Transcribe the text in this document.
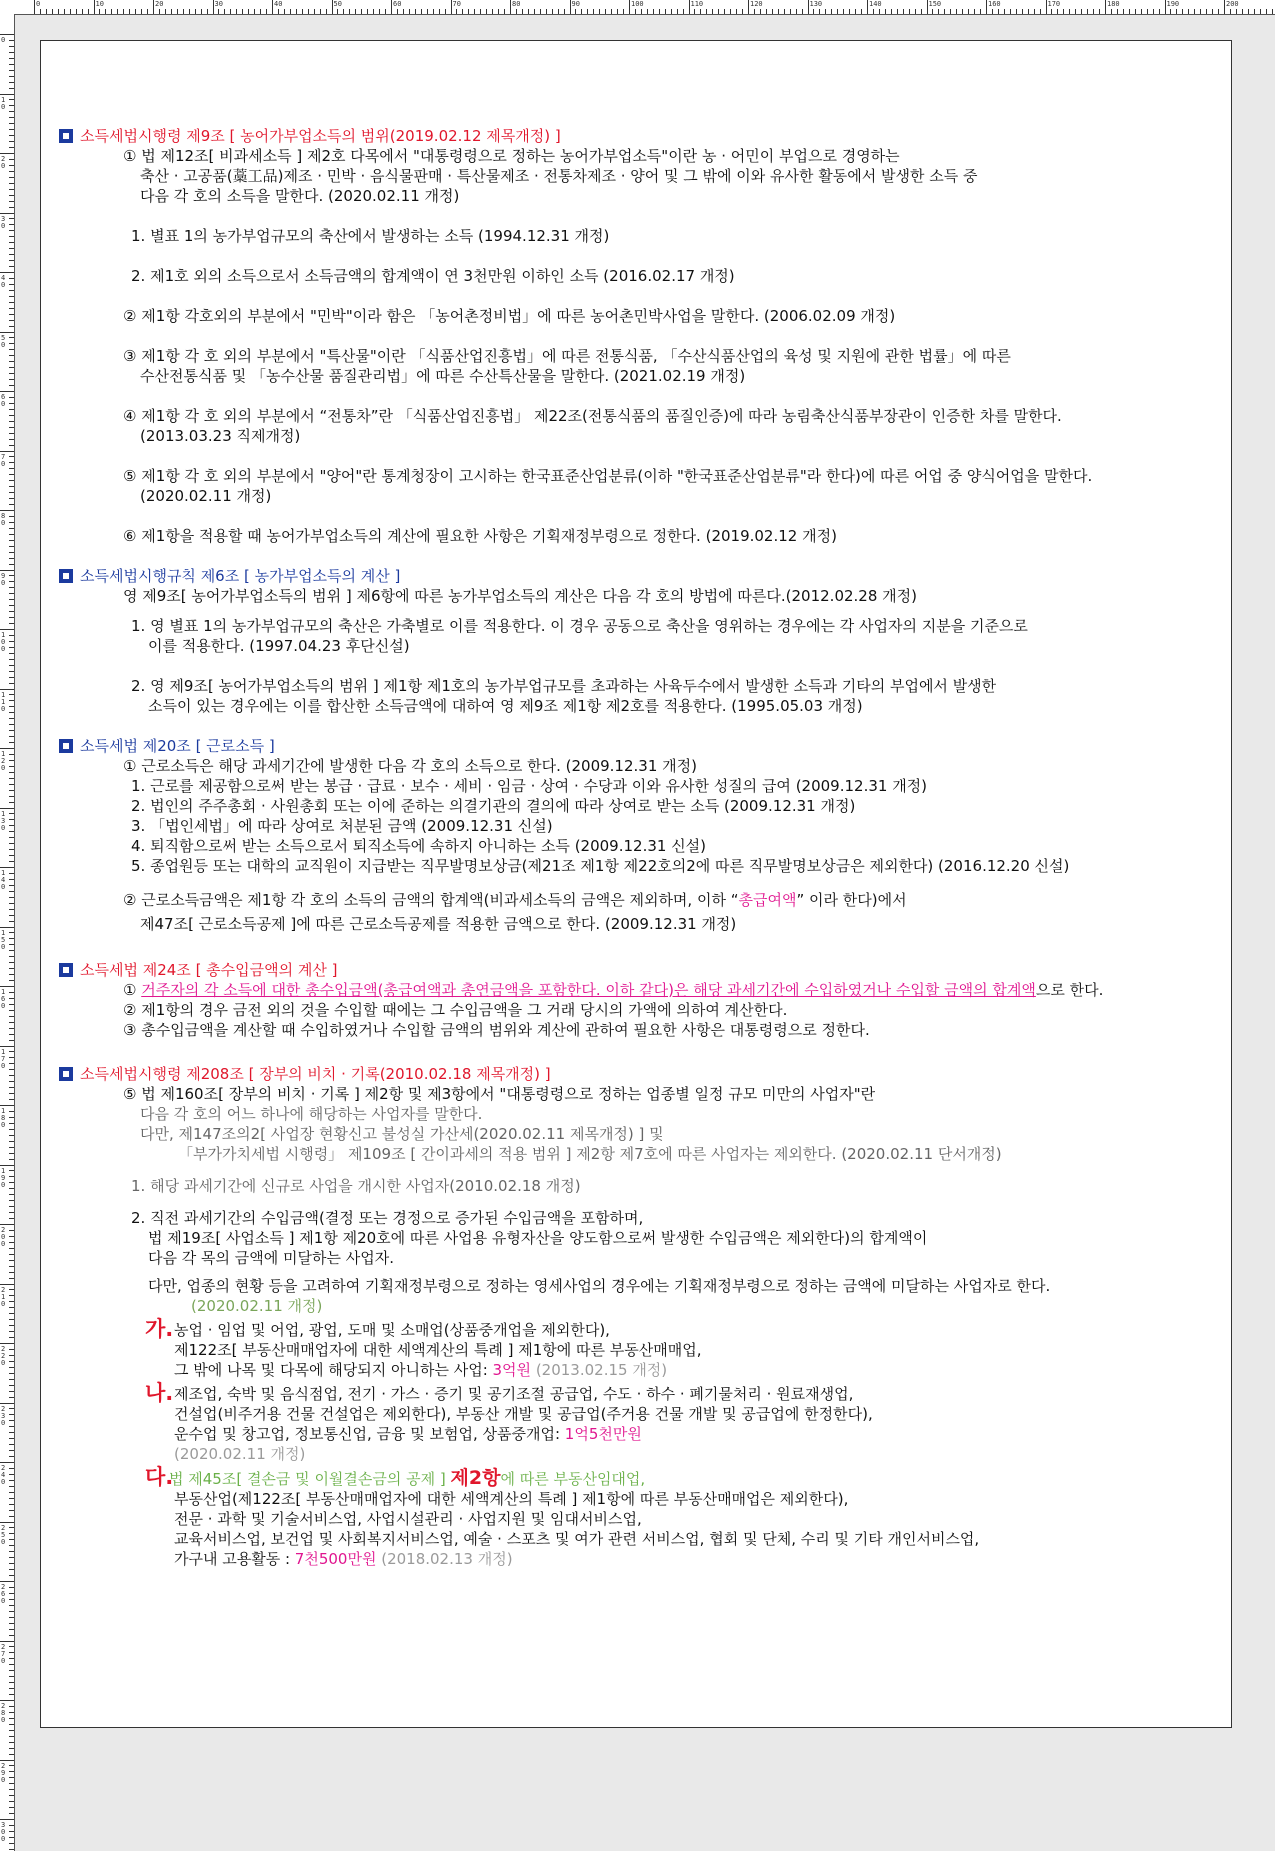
0	10	20	30	40	50	60	70	80	90	100	110	120	130	140	150	160	170	180	190	200
0
10
20
30
40
50
60
70
80
90
100
110
120
130
140
150
160
170
180
190
200
210
220
230
240
250
260
270
280
290
300
소득세법시행령 제9조 [ 농어가부업소득의 범위(2019.02.12 제목개정) ]
① 법 제12조[ 비과세소득 ] 제2호 다목에서 "대통령령으로 정하는 농어가부업소득"이란 농 · 어민이 부업으로 경영하는
축산 · 고공품(藁工品)제조 · 민박 · 음식물판매 · 특산물제조 · 전통차제조 · 양어 및 그 밖에 이와 유사한 활동에서 발생한 소득 중
다음 각 호의 소득을 말한다. (2020.02.11 개정)
1. 별표 1의 농가부업규모의 축산에서 발생하는 소득 (1994.12.31 개정)
2. 제1호 외의 소득으로서 소득금액의 합계액이 연 3천만원 이하인 소득 (2016.02.17 개정)
② 제1항 각호외의 부분에서 "민박"이라 함은 「농어촌정비법」에 따른 농어촌민박사업을 말한다. (2006.02.09 개정)
③ 제1항 각 호 외의 부분에서 "특산물"이란 「식품산업진흥법」에 따른 전통식품, 「수산식품산업의 육성 및 지원에 관한 법률」에 따른
수산전통식품 및 「농수산물 품질관리법」에 따른 수산특산물을 말한다. (2021.02.19 개정)
④ 제1항 각 호 외의 부분에서 “전통차”란 「식품산업진흥법」 제22조(전통식품의 품질인증)에 따라 농림축산식품부장관이 인증한 차를 말한다.
(2013.03.23 직제개정)
⑤ 제1항 각 호 외의 부분에서 "양어"란 통계청장이 고시하는 한국표준산업분류(이하 "한국표준산업분류"라 한다)에 따른 어업 중 양식어업을 말한다.
(2020.02.11 개정)
⑥ 제1항을 적용할 때 농어가부업소득의 계산에 필요한 사항은 기획재정부령으로 정한다. (2019.02.12 개정)
소득세법시행규칙 제6조 [ 농가부업소득의 계산 ]
영 제9조[ 농어가부업소득의 범위 ] 제6항에 따른 농가부업소득의 계산은 다음 각 호의 방법에 따른다.(2012.02.28 개정)
1. 영 별표 1의 농가부업규모의 축산은 가축별로 이를 적용한다. 이 경우 공동으로 축산을 영위하는 경우에는 각 사업자의 지분을 기준으로
이를 적용한다. (1997.04.23 후단신설)
2. 영 제9조[ 농어가부업소득의 범위 ] 제1항 제1호의 농가부업규모를 초과하는 사육두수에서 발생한 소득과 기타의 부업에서 발생한
소득이 있는 경우에는 이를 합산한 소득금액에 대하여 영 제9조 제1항 제2호를 적용한다. (1995.05.03 개정)
소득세법 제20조 [ 근로소득 ]
① 근로소득은 해당 과세기간에 발생한 다음 각 호의 소득으로 한다. (2009.12.31 개정)
1. 근로를 제공함으로써 받는 봉급 · 급료 · 보수 · 세비 · 임금 · 상여 · 수당과 이와 유사한 성질의 급여 (2009.12.31 개정)
2. 법인의 주주총회 · 사원총회 또는 이에 준하는 의결기관의 결의에 따라 상여로 받는 소득 (2009.12.31 개정)
3. 「법인세법」에 따라 상여로 처분된 금액 (2009.12.31 신설)
4. 퇴직함으로써 받는 소득으로서 퇴직소득에 속하지 아니하는 소득 (2009.12.31 신설)
5. 종업원등 또는 대학의 교직원이 지급받는 직무발명보상금(제21조 제1항 제22호의2에 따른 직무발명보상금은 제외한다) (2016.12.20 신설)
② 근로소득금액은 제1항 각 호의 소득의 금액의 합계액(비과세소득의 금액은 제외하며, 이하 “총급여액” 이라 한다)에서
제47조[ 근로소득공제 ]에 따른 근로소득공제를 적용한 금액으로 한다. (2009.12.31 개정)
소득세법 제24조 [ 총수입금액의 계산 ]
① 거주자의 각 소득에 대한 총수입금액(총급여액과 총연금액을 포함한다. 이하 같다)은 해당 과세기간에 수입하였거나 수입할 금액의 합계액으로 한다.
② 제1항의 경우 금전 외의 것을 수입할 때에는 그 수입금액을 그 거래 당시의 가액에 의하여 계산한다.
③ 총수입금액을 계산할 때 수입하였거나 수입할 금액의 범위와 계산에 관하여 필요한 사항은 대통령령으로 정한다.
소득세법시행령 제208조 [ 장부의 비치 · 기록(2010.02.18 제목개정) ]
⑤ 법 제160조[ 장부의 비치 · 기록 ] 제2항 및 제3항에서 "대통령령으로 정하는 업종별 일정 규모 미만의 사업자"란
다음 각 호의 어느 하나에 해당하는 사업자를 말한다.
다만, 제147조의2[ 사업장 현황신고 불성실 가산세(2020.02.11 제목개정) ] 및
「부가가치세법 시행령」 제109조 [ 간이과세의 적용 범위 ] 제2항 제7호에 따른 사업자는 제외한다. (2020.02.11 단서개정)
1. 해당 과세기간에 신규로 사업을 개시한 사업자(2010.02.18 개정)
2. 직전 과세기간의 수입금액(결정 또는 경정으로 증가된 수입금액을 포함하며,
법 제19조[ 사업소득 ] 제1항 제20호에 따른 사업용 유형자산을 양도함으로써 발생한 수입금액은 제외한다)의 합계액이
다음 각 목의 금액에 미달하는 사업자.
다만, 업종의 현황 등을 고려하여 기획재정부령으로 정하는 영세사업의 경우에는 기획재정부령으로 정하는 금액에 미달하는 사업자로 한다.
(2020.02.11 개정)
가. 농업 · 임업 및 어업, 광업, 도매 및 소매업(상품중개업을 제외한다),
제122조[ 부동산매매업자에 대한 세액계산의 특례 ] 제1항에 따른 부동산매매업,
그 밖에 나목 및 다목에 해당되지 아니하는 사업: 3억원 (2013.02.15 개정)
나. 제조업, 숙박 및 음식점업, 전기 · 가스 · 증기 및 공기조절 공급업, 수도 · 하수 · 폐기물처리 · 원료재생업,
건설업(비주거용 건물 건설업은 제외한다), 부동산 개발 및 공급업(주거용 건물 개발 및 공급업에 한정한다),
운수업 및 창고업, 정보통신업, 금융 및 보험업, 상품중개업: 1억5천만원
(2020.02.11 개정)
다.
법 제45조[ 결손금 및 이월결손금의 공제 ] 제2항에 따른 부동산임대업,
부동산업(제122조[ 부동산매매업자에 대한 세액계산의 특례 ] 제1항에 따른 부동산매매업은 제외한다),
전문 · 과학 및 기술서비스업, 사업시설관리 · 사업지원 및 임대서비스업,
교육서비스업, 보건업 및 사회복지서비스업, 예술 · 스포츠 및 여가 관련 서비스업, 협회 및 단체, 수리 및 기타 개인서비스업,
가구내 고용활동 : 7천500만원 (2018.02.13 개정)
